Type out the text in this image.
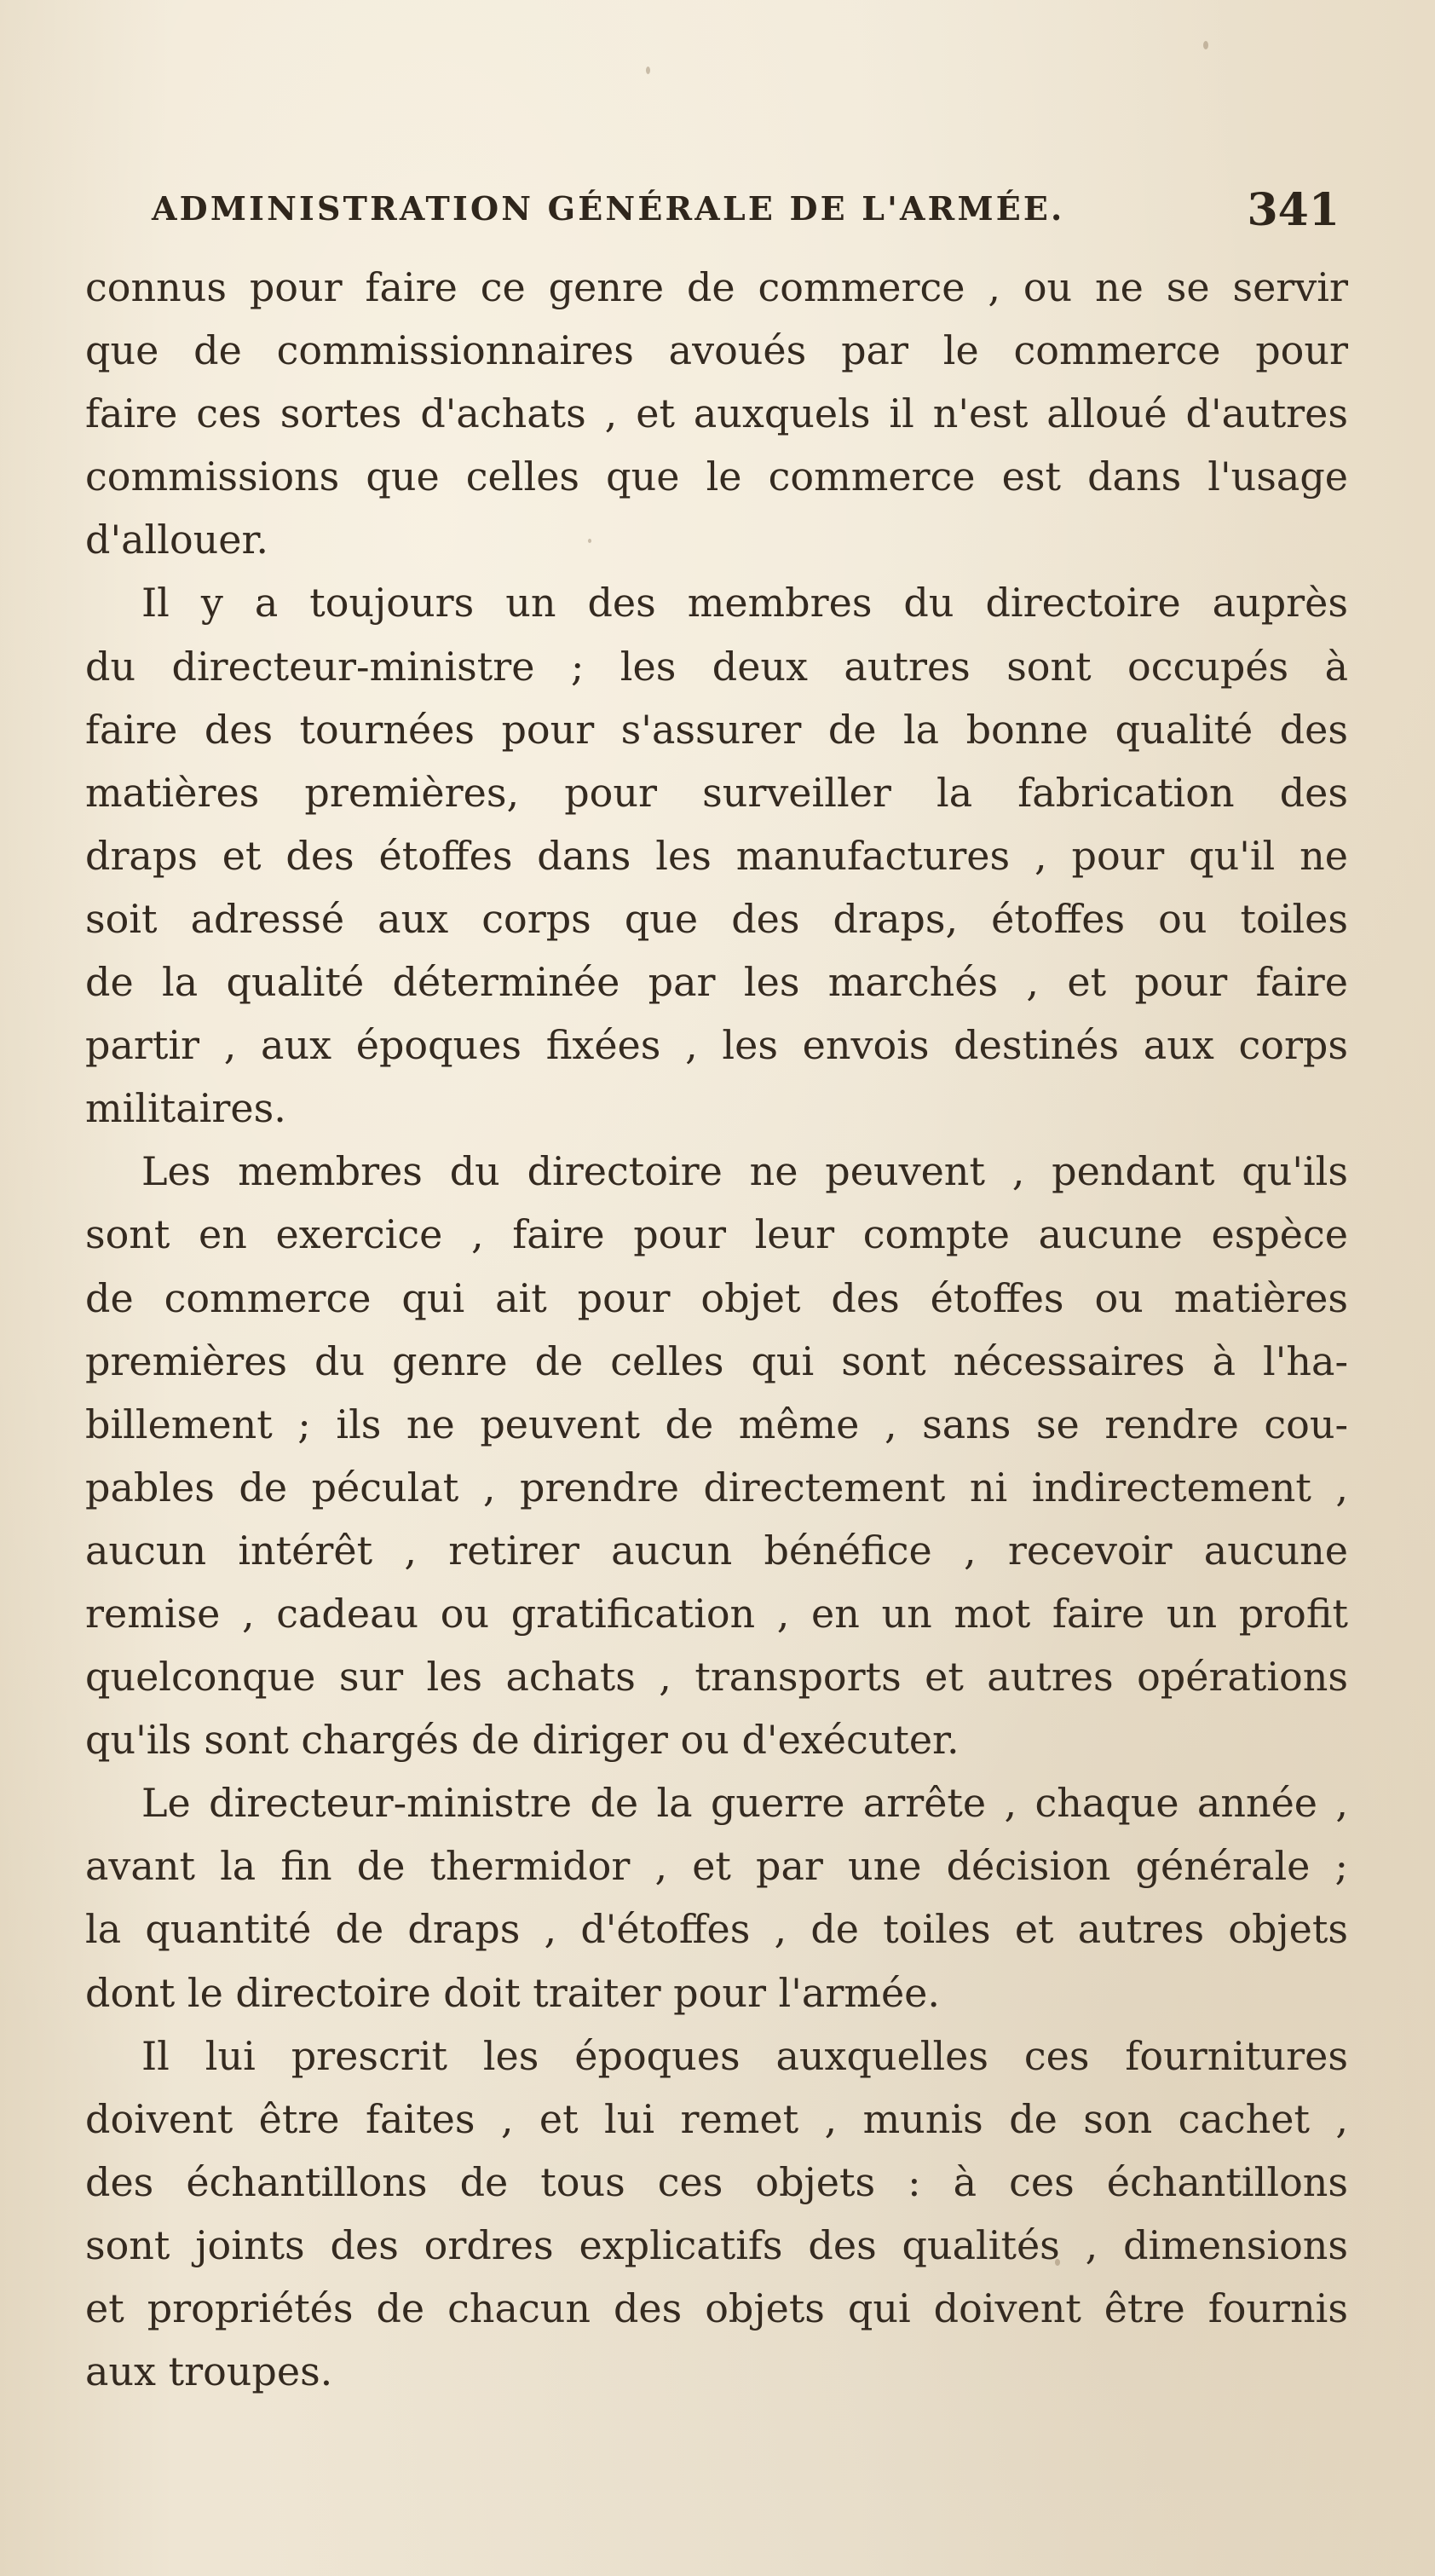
ADMINISTRATION GÉNÉRALE DE L'ARMÉE.	341
connus pour faire ce genre de commerce , ou ne se servir
que de commissionnaires avoués par le commerce pour
faire ces sortes d'achats , et auxquels il n'est alloué d'autres
commissions que celles que le commerce est dans l'usage
d'allouer.
Il y a toujours un des membres du directoire auprès
du directeur-ministre ; les deux autres sont occupés à
faire des tournées pour s'assurer de la bonne qualité des
matières premières, pour surveiller la fabrication des
draps et des étoffes dans les manufactures , pour qu'il ne
soit adressé aux corps que des draps, étoffes ou toiles
de la qualité déterminée par les marchés , et pour faire
partir , aux époques fixées , les envois destinés aux corps
militaires.
Les membres du directoire ne peuvent , pendant qu'ils
sont en exercice , faire pour leur compte aucune espèce
de commerce qui ait pour objet des étoffes ou matières
premières du genre de celles qui sont nécessaires à l'ha-
billement ; ils ne peuvent de même , sans se rendre cou-
pables de péculat , prendre directement ni indirectement ,
aucun intérêt , retirer aucun bénéfice , recevoir aucune
remise , cadeau ou gratification , en un mot faire un profit
quelconque sur les achats , transports et autres opérations
qu'ils sont chargés de diriger ou d'exécuter.
Le directeur-ministre de la guerre arrête , chaque année ,
avant la fin de thermidor , et par une décision générale ;
la quantité de draps , d'étoffes , de toiles et autres objets
dont le directoire doit traiter pour l'armée.
Il lui prescrit les époques auxquelles ces fournitures
doivent être faites , et lui remet , munis de son cachet ,
des échantillons de tous ces objets : à ces échantillons
sont joints des ordres explicatifs des qualités , dimensions
et propriétés de chacun des objets qui doivent être fournis
aux troupes.
